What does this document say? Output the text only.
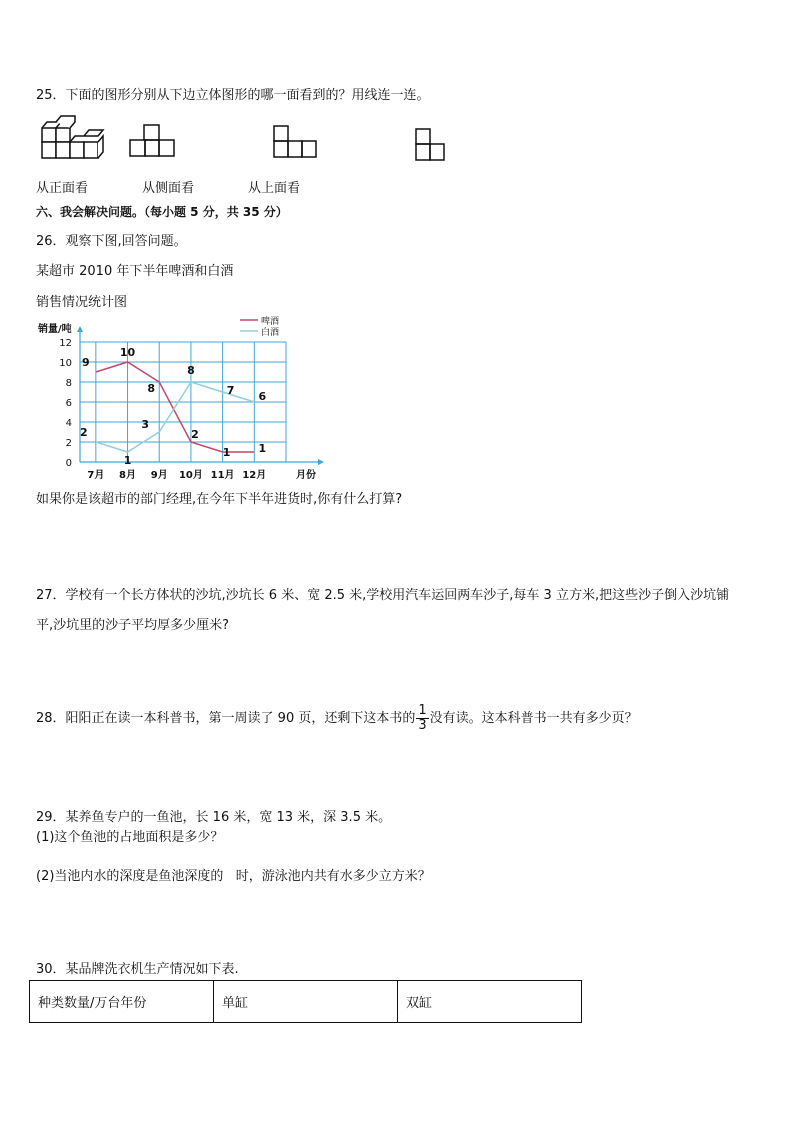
25．下面的图形分别从下边立体图形的哪一面看到的？用线连一连。
从正面看	从侧面看	从上面看
六、我会解决问题。（每小题 5 分，共 35 分）
26．观察下图,回答问题。
某超市 2010 年下半年啤酒和白酒
销售情况统计图
0
2
4
6
8
10
12
销量/吨
月份
7月 8月 9月 10月 11月 12月
啤酒
白酒
9
10
8
2
1	1
2
1
3
8
7 6
如果你是该超市的部门经理,在今年下半年进货时,你有什么打算?
27．学校有一个长方体状的沙坑,沙坑长 6 米、宽 2.5 米,学校用汽车运回两车沙子,每车 3 立方米,把这些沙子倒入沙坑铺
平,沙坑里的沙子平均厚多少厘米?
28．阳阳正在读一本科普书，第一周读了 90 页，还剩下这本书的 $\frac{1}{3}$ 没有读。这本科普书一共有多少页？
29．某养鱼专户的一鱼池，长 16 米，宽 13 米，深 3.5 米。
(1)这个鱼池的占地面积是多少？
(2)当池内水的深度是鱼池深度的   时，游泳池内共有水多少立方米？
30．某品牌洗衣机生产情况如下表.
种类数量/万台年份	单缸	双缸
